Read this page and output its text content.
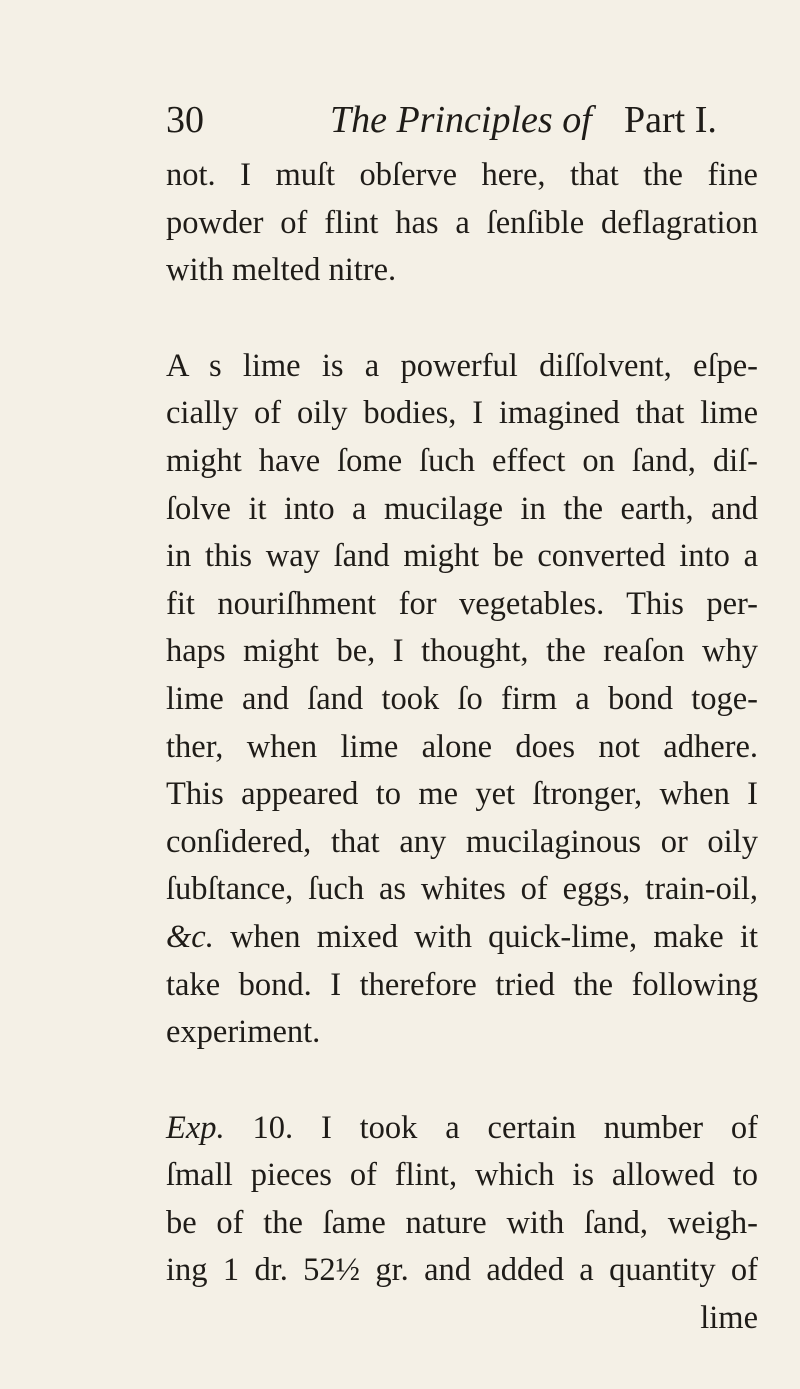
30	The Principles of Part I.
not. I muſt obſerve here, that the fine
powder of flint has a ſenſible deflagration
with melted nitre.
A s lime is a powerful diſſolvent, eſpe-
cially of oily bodies, I imagined that lime
might have ſome ſuch effect on ſand, diſ-
ſolve it into a mucilage in the earth, and
in this way ſand might be converted into a
fit nouriſhment for vegetables. This per-
haps might be, I thought, the reaſon why
lime and ſand took ſo firm a bond toge-
ther, when lime alone does not adhere.
This appeared to me yet ſtronger, when I
conſidered, that any mucilaginous or oily
ſubſtance, ſuch as whites of eggs, train-oil,
&c. when mixed with quick-lime, make it
take bond. I therefore tried the following
experiment.
Exp. 10. I took a certain number of
ſmall pieces of flint, which is allowed to
be of the ſame nature with ſand, weigh-
ing 1 dr. 52½ gr. and added a quantity of
lime
